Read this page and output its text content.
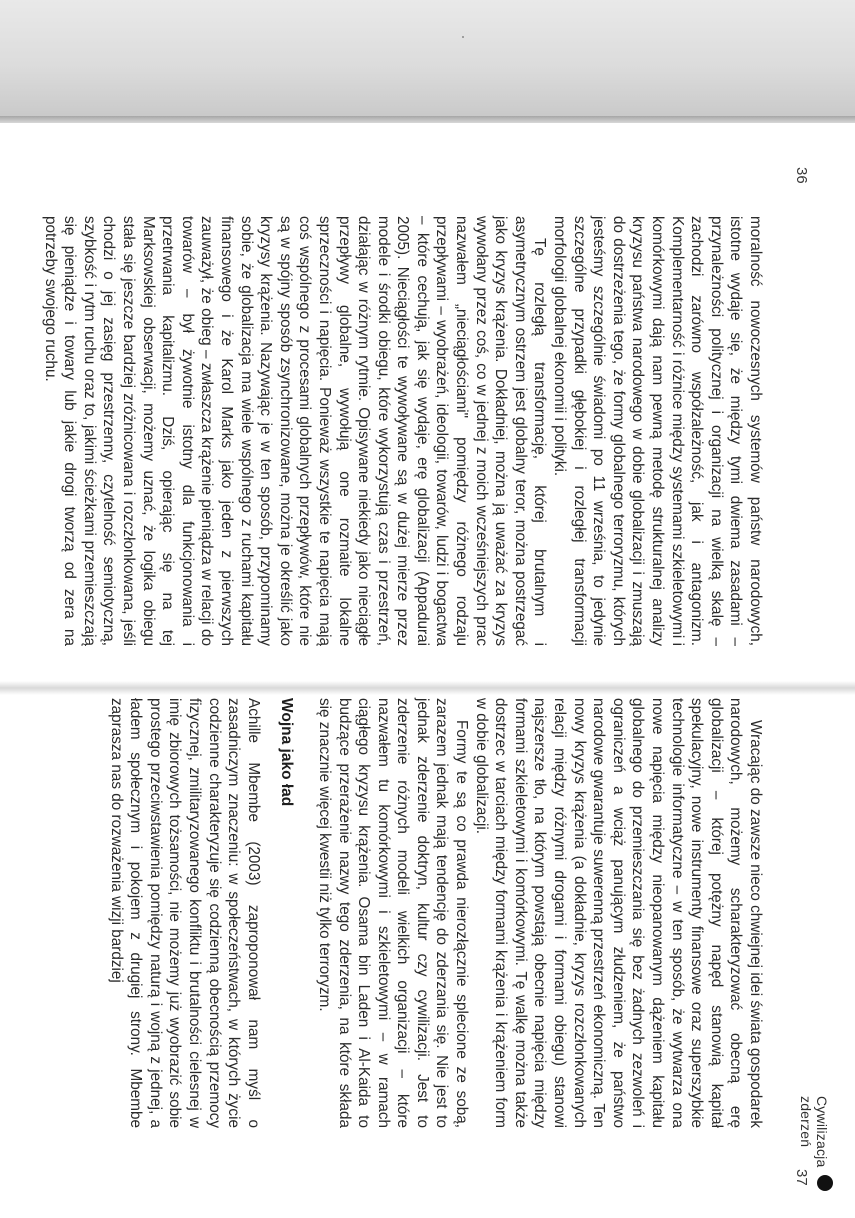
36
Cywilizacja zderzeń
37

moralność nowoczesnych systemów państw narodowych, istotne wydaje się, że między tymi dwiema zasadami – przynależności politycznej i organizacji na wielką skalę – zachodzi zarówno współzależność, jak i antagonizm. Komplementarność i różnice między systemami szkieletowymi i komórkowymi dają nam pewną metodę strukturalnej analizy kryzysu państwa narodowego w dobie globalizacji i zmuszają do dostrzeżenia tego, że formy globalnego terroryzmu, których jesteśmy szczególnie świadomi po 11 września, to jedynie szczególne przypadki głębokiej i rozległej transformacji morfologii globalnej ekonomii i polityki.

Tę rozległą transformację, której brutalnym i asymetrycznym ostrzem jest globalny teror, można postrzegać jako kryzys krążenia. Dokładniej, można ją uważać za kryzys wywołany przez coś, co w jednej z moich wcześniejszych prac nazwałem „nieciągłościami" pomiędzy różnego rodzaju przepływami – wyobrażeń, ideologii, towarów, ludzi i bogactwa – które cechują, jak się wydaje, erę globalizacji (Appadurai 2005). Nieciągłości te wywoływane są w dużej mierze przez modele i środki obiegu, które wykorzystują czas i przestrzeń, działając w różnym rytmie. Opisywane niekiedy jako nieciągłe przepływy globalne, wywołują one rozmaite lokalne sprzeczności i napięcia. Ponieważ wszystkie te napięcia mają coś wspólnego z procesami globalnych przepływów, które nie są w spójny sposób zsynchronizowane, można je określić jako kryzysy krążenia. Nazywając je w ten sposób, przypominamy sobie, że globalizacja ma wiele wspólnego z ruchami kapitału finansowego i że Karol Marks jako jeden z pierwszych zauważył, że obieg – zwłaszcza krążenie pieniądza w relacji do towarów – był żywotnie istotny dla funkcjonowania i przetrwania kapitalizmu. Dziś, opierając się na tej Marksowskiej obserwacji, możemy uznać, że logika obiegu stała się jeszcze bardziej zróżnicowana i rozczłonkowana, jeśli chodzi o jej zasięg przestrzenny, czytelność semiotyczną, szybkość i rytm ruchu oraz to, jakimi ścieżkami przemieszczają się pieniądze i towary lub jakie drogi tworzą od zera na potrzeby swojego ruchu.

Wracając do zawsze nieco chwiejnej idei świata gospodarek narodowych, możemy scharakteryzować obecną erę globalizacji – której potężny napęd stanowią kapitał spekulacyjny, nowe instrumenty finansowe oraz superszybkie technologie informatyczne – w ten sposób, że wytwarza ona nowe napięcia między nieopanowanym dążeniem kapitału globalnego do przemieszczania się bez żadnych zezwoleń i ograniczeń a wciąż panującym złudzeniem, że państwo narodowe gwarantuje suwerenną przestrzeń ekonomiczną. Ten nowy kryzys krążenia (a dokładnie, kryzys rozczłonkowanych relacji między różnymi drogami i formami obiegu) stanowi najszersze tło, na którym powstają obecnie napięcia między formami szkieletowymi i komórkowymi. Tę walkę można także dostrzec w tarciach między formami krążenia i krążeniem form w dobie globalizacji.

Formy te są co prawda nierozłącznie splecione ze sobą, zarazem jednak mają tendencję do zderzania się. Nie jest to jednak zderzenie doktryn, kultur czy cywilizacji. Jest to zderzenie różnych modeli wielkich organizacji – które nazwałem tu komórkowymi i szkieletowymi – w ramach ciągłego kryzysu krążenia. Osama bin Laden i Al-Kaida to budzące przerażenie nazwy tego zderzenia, na które składa się znacznie więcej kwestii niż tylko terroryzm.

Wojna jako ład

Achille Mbembe (2003) zaproponował nam myśl o zasadniczym znaczeniu: w społeczeństwach, w których życie codzienne charakteryzuje się codzienną obecnością przemocy fizycznej, zmilitaryzowanego konfliktu i brutalności cielesnej w imię zbiorowych tożsamości, nie możemy już wyobrazić sobie prostego przeciwstawienia pomiędzy naturą i wojną z jednej, a ładem społecznym i pokojem z drugiej strony. Mbembe zaprasza nas do rozważenia wizji bardziej
